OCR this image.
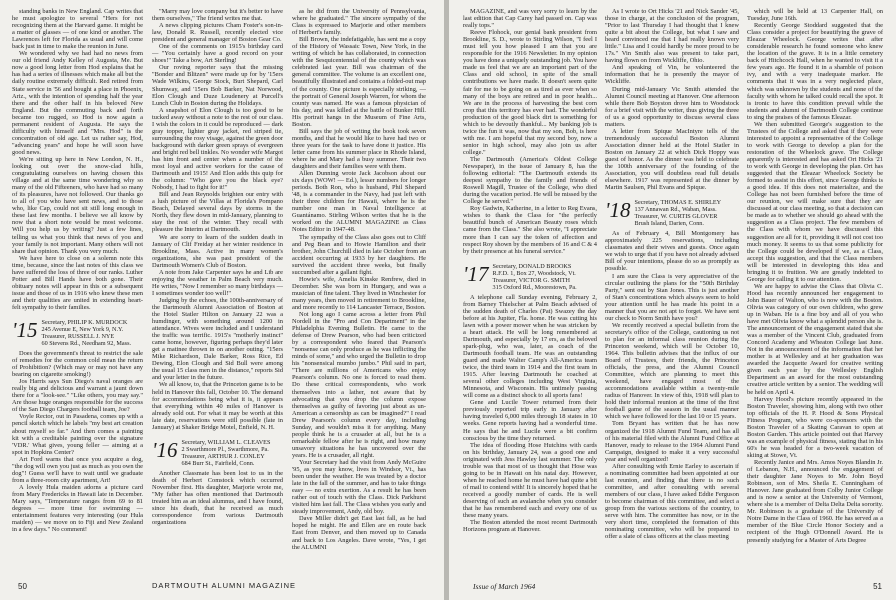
standing banks in New England. Cap writes that he must apologize to several "Hers for not recognizing them at the Harvard game. It might be a matter of glasses — of one kind or another. The Lawrences left for Florida as usual and will come back just in time to make the reunion in June.

We wondered why we had had no news from our old friend Andy Kelley of Augusta, Me. But now a good long letter from Hod explains that he has had a series of illnesses which make all but the daily routine extremely difficult. Red retired from State service in '56 and bought a place in Phoenix, Ariz., with the intention of spending half the year there and the other half in his beloved New England. But the commuting back and forth became too rugged, so Hod is now again a permanent resident of Augusta. He says the difficulty with himself and "Mrs. Hod" is the concentration of old age. Let us rather say, Hod, "advancing years" and hope he will soon have good news.

We're sitting up here in New London, N. H., looking out over the snow-clad hills, congratulating ourselves on having chosen this village and at the same time wondering why so many of the old Fifteeners, who have had so many of its pleasures, have not followed. Our thanks go to all of you who have sent news, and to those who, like Cap, could not sit still long enough in these last few months. I believe we all know by now that a short note would be most welcome. Will you help us by writing? Just a few lines, telling us what you think that news of you and your family is not important. Many others will not share that opinion. Thank you very much.

We have here to close on a solemn note this time, because, since the last notes of this class we have suffered the loss of three of our ranks. Luther Potter and Bill Hands have both gone. Their obituary notes will appear in this or a subsequent issue and those of us in 1916 who knew these men and their qualities are united in extending heart-felt sympathy to their families.

'15 Secretary, PHILIP K. MURDOCK
245 Avenue E, New York 9, N.Y.
Treasurer, RUSSELL J. NYE
60 Stevens Rd., Needham 92, Mass.

Does the government's threat to restrict the sale of remedies for the common cold mean the return of Prohibition? (Which may or may not have any bearing on cigarette smoking!)

Jos Harris says Sun Diego's naval oranges are really big and delicious and warrant a jaunt down there for a "look-see." "Like others, you may say." Are those huge oranges responsible for the success of the San Diego Chargers football team, Joe?

Voyle Rector, out in Pasadena, comes up with a pencil sketch which he labels "my best art creation about myself so far." And then comes a painting kit with a creditable painting over the signature 'VDR.' What gives, young feller — aiming at a spot in Hopkins Center?

Art Ford warns that once you acquire a dog, "the dog will own you just as much as you own the dog"! Guess we'll have to wait until we graduate from a three-room city apartment, Art!

A lovely Hula maiden adorns a picture card from Mary Fredericks in Hawaii late in December. Mary says, "Temperature ranges from 69 to 81 degrees — more time for swimming — entertainment features very interesting (our Hula maiden) — we move on to Fiji and New Zealand in a few days." No comment!

"Marry may love company but it's better to have them ourselves," The friend writes me that.

A news clipping pictures Cham Foster's son-in-law, Donald R. Russell, recently elected vice president and general manager of Boston Gear Co.

One of the comments on 1915's birthday card — "You certainly have a good record on your shoes!" Take a bow, Art Sterling!

Our roving reporter says that the missing "Bonder and Blitzen" were made up for by '15ers Wade Wilkins, George Stock, Burt Shepard, Carl Shumway, and '15ers Bob Barker, Nat Norwood, Elon Clough and Duze Loudenery at Purcell's Lunch Club in Boston during the Holidays.

A snapshot of Elon Clough is too good to be tucked away without a note to the rest of our class. I wish the colors in it could be reproduced — dark gray topper, lighter gray jacket, red striped tie, surrounding the rosy visage, against the green door background with darker green sprays of evergreen and bright red bell tinkles. No wonder wife Margot has him front and center when a number of the most loyal and active workers for the cause of Dartmouth and 1915! And Elon adds this quip for the column: "Who gave you the black eye? Nobody, I had to fight for it!"

Bill and Jean Reynolds brighten our entry with a lush picture of the Villas at Florida's Pompano Beach, Delayed several days by storms in the North, they flew down in mid-January, planning to stay the rest of the winter. They recall with pleasure the Interim at Dartmouth.

We are sorry to learn of the sudden death in January of Clif Freiday at her winter residence in Brookline, Mass. Active in many women's organizations, she was past president of the Dartmouth Women's Club of Boston.

A note from Jake Carpenter says he and Lib are enjoying the weather in Palm Beach very much. He writes, "Now I remember so many birthdays — I sometimes wonder too well!"

Judging by the echoes, the 100th-anniversary of the Dartmouth Alumni Association of Boston at the Hotel Statler Hilton on January 22 was a humdinger, with something around 1200 in attendance. Wives were included and I understand the traffic was terrific. 1915's "motherly instinct" came home, however, figuring perhaps they'd later get a matinee thrown in on another outing. "15ers Mike Richardson, Dale Barker, Ross Rice, Ed Dewing, Elon Clough and Sid Bull were among the usual 15 class men in the distance," reports Sid and your letter in the future.

We all know, to, that the Princeton game is to be held in Hanover this fall, October 10. The demand for accommodations being what it is, it appears that everything within 40 miles of Hanover is already sold out. For what it may be worth at this late date, reservations were still possible (late in January) at Shaker Bridge Motel, Enfield, N. H.

'16 Secretary, WILLIAM L. CLEAVES
2 Swarthmore Pl., Swarthmore, Pa.
Treasurer, ARTHUR J. CONLEY
684 Burr St., Fairfield, Conn.

Another Classmate has been lost to us in the death of Herbert Comstock which occurred November first. His daughter, Marjorie wrote me, "My father has often mentioned that Dartmouth treated him as an ideal alumnus, and I have found, since his death, that he received as much correspondence from various Dartmouth organizations

as he did from the University of Pennsylvania, where he graduated." The sincere sympathy of the Class is expressed to Marjorie and other members of Herbert's family.

Bill Brown, the indefatigable, has sent me a copy of the History of Wassaic Town, New York, in the writing of which he has collaborated, in connection with the Sesquicentennial of the county which was celebrated last year. Bill was chairman of the general committee. The volume is an excellent one, beautifully illustrated and contains a folded-out map of the county. One picture is especially striking, — the portrait of General Joseph Warren, for whom the county was named. He was a famous physician of his day, and was killed at the battle of Bunker Hill. His portrait hangs in the Museum of Fine Arts, Boston.

Bill says the job of writing the book took seven months, and that he would like to have had two or three years for the task to have done it justice. His letter came from his summer place in Rhode Island, where he and Mary had a busy summer. Their two daughters and their families were with them.

Allen Dunning wrote Jack Jacobson about our six days (WOW! — Ed.), lesser numbers for longer periods. Both Ron, who is husband, Phil Shepard '48, is a commander in the Navy, had just left with their three children for Hawaii, where he is the number one man in Naval Intelligence at Guantánamo. Stirling Wilson writes that he is the worked on the ALUMNI MAGAZINE as Class Notes Editor in 1947-48.

The sympathy of the Class also goes out to Cliff and Peg Bean and to Howie Hamilton and their brother, John Churchill died in late October from an accident occurring at 1933 by her daughters. He survived the accident three weeks, but finally succumbed after a gallant fight.

Howie's wife, Amelia Kinske Renfrew, died in December. She was born in Hungary, and was a musician of fine talent. They lived in Winchester for many years, then moved in retirement to Brookline, and more recently to 114 Lancaster Terrace, Boston.

Not long ago I came across a letter from Phil Nordell in the "Pro and Con Department" in the Philadelphia Evening Bulletin. He came to the defense of Drew Pearson, who had been criticized by a correspondent who feared that Pearson's "nonsense can only produce as he was inflicting the minds of some," and who urged the Bulletin to drop his "nonsensical mumbo jumbo." Phil said in part, "There are millions of Americans who enjoy Pearson's column. No one is forced to read them. Do these critical correspondents, who work themselves into a lather, not aware that by advocating that you drop the column expose themselves as guilty of favoring just about as un-American a censorship as can be imagined?" I read Drew Pearson's column every day, including Sunday, and wouldn't miss it for anything. Many people think he is a crusader at all, but he is a remarkable fellow after he is right, and how many unsavory situations he has uncovered over the years. He is a crusader, all right.

Your Secretary had the visit from Andy McGuire '95, as you may know, lives in Windsor, Vt., has been under the weather. He was treated by a doctor late in the fall of the summer, and has to take things easy — no extra exertion. As a result he has been rather out of touch with the Class. Dick Parkhurst visited him last fall. The Class wishes you early and steady improvement, Andy, old boy.

Dave Miller didn't get East last fall, as he had hoped he might. He and Ellen are en route back East from Denver, and then moved up to Canada and back to Los Angeles. Dave wrote, "Yes, I get the ALUMNI

50	DARTMOUTH ALUMNI MAGAZINE

MAGAZINE, and was very sorry to learn by the last edition that Cap Carey had passed on. Cap was really tops."

Reeve Flohock, our genial bank president from Brookline, S. D., wrote to Stirling Wilson, "I feel I must tell you how pleased I am that you are responsible for the 1916 Newsletter. In my opinion you have done a uniquely outstanding job. You have made us feel that we are an important part of the Class and old school, in spite of the small contributions we have made. It doesn't seem quite fair for me to be going on as tired as ever when so many of the boys are retired and in poor health... We are in the process of harvesting the best corn crop that this territory has ever had. The wonderful production of the good black dirt is something for which to be devoutly thankful... My banking job is twice the fun it was, now that my son, Bob, is here with me. I am hopeful that my second boy, now a senior in high school, may also join us after college."

The Dartmouth (America's Oldest College Newspaper), in the issue of January 8, has the following editorial: "The Dartmouth extends its deepest sympathy to the family and friends of Roswell Magill, Trustee of the College, who died during the vacation period. He will be missed by the College he served."

Roy Gadwin, Katherine, in a letter to Reg Evans, wishes to thank the Class for "the perfectly beautiful bunch of American Beauty roses which came from the Class." She also wrote, "I appreciate more than I can say the token of affection and respect Roy shown by the members of 16 and C & 4 by their presence at his funeral service."

'17 Secretary, DONALD BROOKS
R.F.D. 1, Box 27, Woodstock, Vt.
Treasurer, VICTOR G. SMITH
315 Oxford Rd., Moorestown, Pa.

A telephone call Sunday evening, February 2, from Barney Thielscher at Palm Beach advised of the sudden death of Charles (Pat) Swazey the day before at his Jupiter, Fla. home. He was cutting his lawn with a power mower when he was stricken by a heart attack. He will be long remembered at Dartmouth, and especially by 17 ers, as the beloved spark-plug, who was, later, as coach of the Dartmouth football team. He was an outstanding guard and made Walter Camp's All-America team twice, the third team in 1914 and the first team in 1915. After leaving Dartmouth he coached at several other colleges including West Virginia, Minnesota, and Wisconsin. His untimely passing will come as a distinct shock to all sports fans!

Gene and Lucile Tower returned from their previously reported trip early in January after having traveled 6,000 miles through 18 states in 10 weeks. Gene reports having had a wonderful time. He says that he and Lucile were a bit confirm conscious by the time they returned.

The idea of flooding Hose Hutchins with cards on his birthday, January 24, was a good one and originated with Jess Hawley last summer. The only trouble was that most of us thought that Hose was going to be in Hawaii on his natal day. However, when he reached home he must have had quite a bit of mail to contend with! It is sincerely hoped that he received a goodly number of cards. He is well deserving of such an avalanche when you consider that he has remembered each and every one of us these many years.

The Boston attended the most recent Dartmouth Horizons program at Hanover.

As I wrote to Ort Hicks '21 and Nick Sander '45, those in charge, at the conclusion of the program, "Prior to last Thursday I had thought that I knew quite a bit about the College, but what I saw and heard convinced me that I had really known very little." Lisa and I could hardly be more proud to be 17s." Vin Smith also was present to take part, having flown on from Wickliffe, Ohio.

And speaking of Vin, he volunteered the information that he is presently the mayor of Wickliffe.

During mid-January Vic Smith attended the Alumni Council meeting at Hanover. One afternoon while there Bob Boyston drove him to Woodstock for a brief visit with the writer, thus giving the three of us a good opportunity to discuss several class matters.

A letter from Spique MacIntyre tells of the tremendously successful Boston Alumni Association dinner held at the Hotel Statler in Boston on January 22 at which Dick Hoppy was guest of honor. As the dinner was held to celebrate the 100th anniversary of the founding of the Association, you will doubtless read full details elsewhere. 1917 was represented at the dinner by Martin Saulsen, Phil Evans and Spique.

'18 Secretary, THOMAS E. SHIRLEY
137 Annawan Rd., Waban, Mass.
Treasurer, W. CURTIS GLOVER
Brush Island, Darien, Conn.

As of February 4, Bill Montgomery has approximately 225 reservations, including classmates and their wives and guests. Once again we wish to urge that if you have not already advised Bill of your intentions, please do so as promptly as possible.

I am sure the Class is very appreciative of the circular outlining the plans for the "50th Birthday Party," sent out by Stan Jones. This is just another of Stan's concentrations which always seem to hold your attention until he has made his point in a manner that you are not apt to forget. We have sent our check to Norm Smith have you?

We recently received a special bulletin from the secretary's office of the College, cautioning us not to plan for an informal class reunion during the Princeton weekend, which will be October 10, 1964. This bulletin advises that the influx of our Board of Trustees, their friends, the Princeton officials, the press, and the Alumni Council Committee, which are planning to meet this weekend, have engaged most of the accommodations available within a twenty-mile radius of Hanover. In view of this, 1918 will plan to hold their informal reunion at the time of the first football game of the season in the usual manner which we have followed for the last 10 or 15 years.

Tom Bryant has written that he has now organized the 1918 Alumni Fund Team, and has all of his material filed with the Alumni Fund Office at Hanover, ready to release to the 1964 Alumni Fund Campaign, designed to make it a very successful year and well organized!

After consulting with Ernie Earley to ascertain if a nominating committee had been appointed at our last reunion, and finding that there is no such committee, and after consulting with several members of our class, I have asked Eddie Ferguson to become chairman of this committee, and select a group from the various sections of the country, to serve with him. The committee has now, or in the very short time, completed the formation of this nominating committee, who will be prepared to offer a slate of class officers at the class meeting

which will be held at 13 Carpenter Hall, on Tuesday, June 16th.

Recently George Stoddard suggested that the Class consider a project for beautifying the grave of Eleazar Wheelock. George writes that after considerable research he found someone who knew the location of the grave. It is in a little cemetery back of Hitchcock Hall, when he wanted to visit it a few years ago. He found it in a shamble of poison ivy, and with a very inadequate marker. He comments that it was in a very neglected place, which was unknown by the students and none of the faculty with whom he talked could recall the spot. It is ironic to have this condition prevail while the students and alumni of Dartmouth College continue to sing the praises of the famous Eleazar.

We then submitted George's suggestion to the Trustees of the College and asked that if they were interested to appoint a representative of the College to work with George to develop a plan for the restoration of the Wheelock grave. The College apparently is interested and has asked Ort Hicks '21 to work with George in developing the plan. Ort has suggested that the Eleazar Wheelock Society be formed to assist in this effort, since George thinks is a good idea. If this does not materialize, and the College has not been furnished before the time of our reunion, we will make sure that they are discussed at our class meeting, so that a decision can be made as to whether we should go ahead with the suggestion as a Class project. The few members of the Class with whom we have discussed this suggestion are all for it, providing it will not cost too much money. It seems to us that some publicity for the College could be developed if we, as a Class, accept this suggestion, and that the Class members will be interested in developing this idea and bringing it to fruition. We are greatly indebted to George for calling it to our attention.

We are happy to advise the Class that Olivia C. Hood has recently announced her engagement to John Bauer of Walton, who is now with the Boston. Olivia was category of our own children, who grew up in Waban. He is a fine boy and all of you who have met Olivia know what a splendid person she is. The announcement of the engagement stated that she was a member of the Vincent Club, graduated from Concord Academy and Wheaton College last June. Not in the announcement of the information that her mother is at Wellesley and at her graduation was awarded the Jacquette Award for creative writing given each year by the Wellesley English Department as an award for the most outstanding creative article written by a senior. The wedding will be held on April 4.

Harvey Hood's picture recently appeared in the Boston Traveler, showing him, along with two other top officials of the H. P. Hood & Sons Physical Fitness Program, who were co-sponsors with the Boston Traveler of a Skating Caravan to open at Boston Garden. This article pointed out that Harvey was an example of physical fitness, stating that in his 60's he was headed for a two-week vacation of skiing at Stowe, Vt.

Recently Janice and Mrs. Amos Noyes Blandin Jr. of Lebanon, N.H., announced the engagement of their daughter Jane Noyes to Mr. John Boyd Robinson, son of Mrs. Sheila E. Cunningham of Hanover. Jane graduated from Colby Junior College and is now a senior at the University of Vermont, where she is a member of Delta Delta Delta sorority. Mr. Robinson is a graduate of the University of Notre Dame in the Class of 1960. He has served as a member of the Blue Circle Honor Society and a recipient of the Hugh O'Donnell Award. He is presently studying for a Master of Arts Degree

Issue of March 1964	51
